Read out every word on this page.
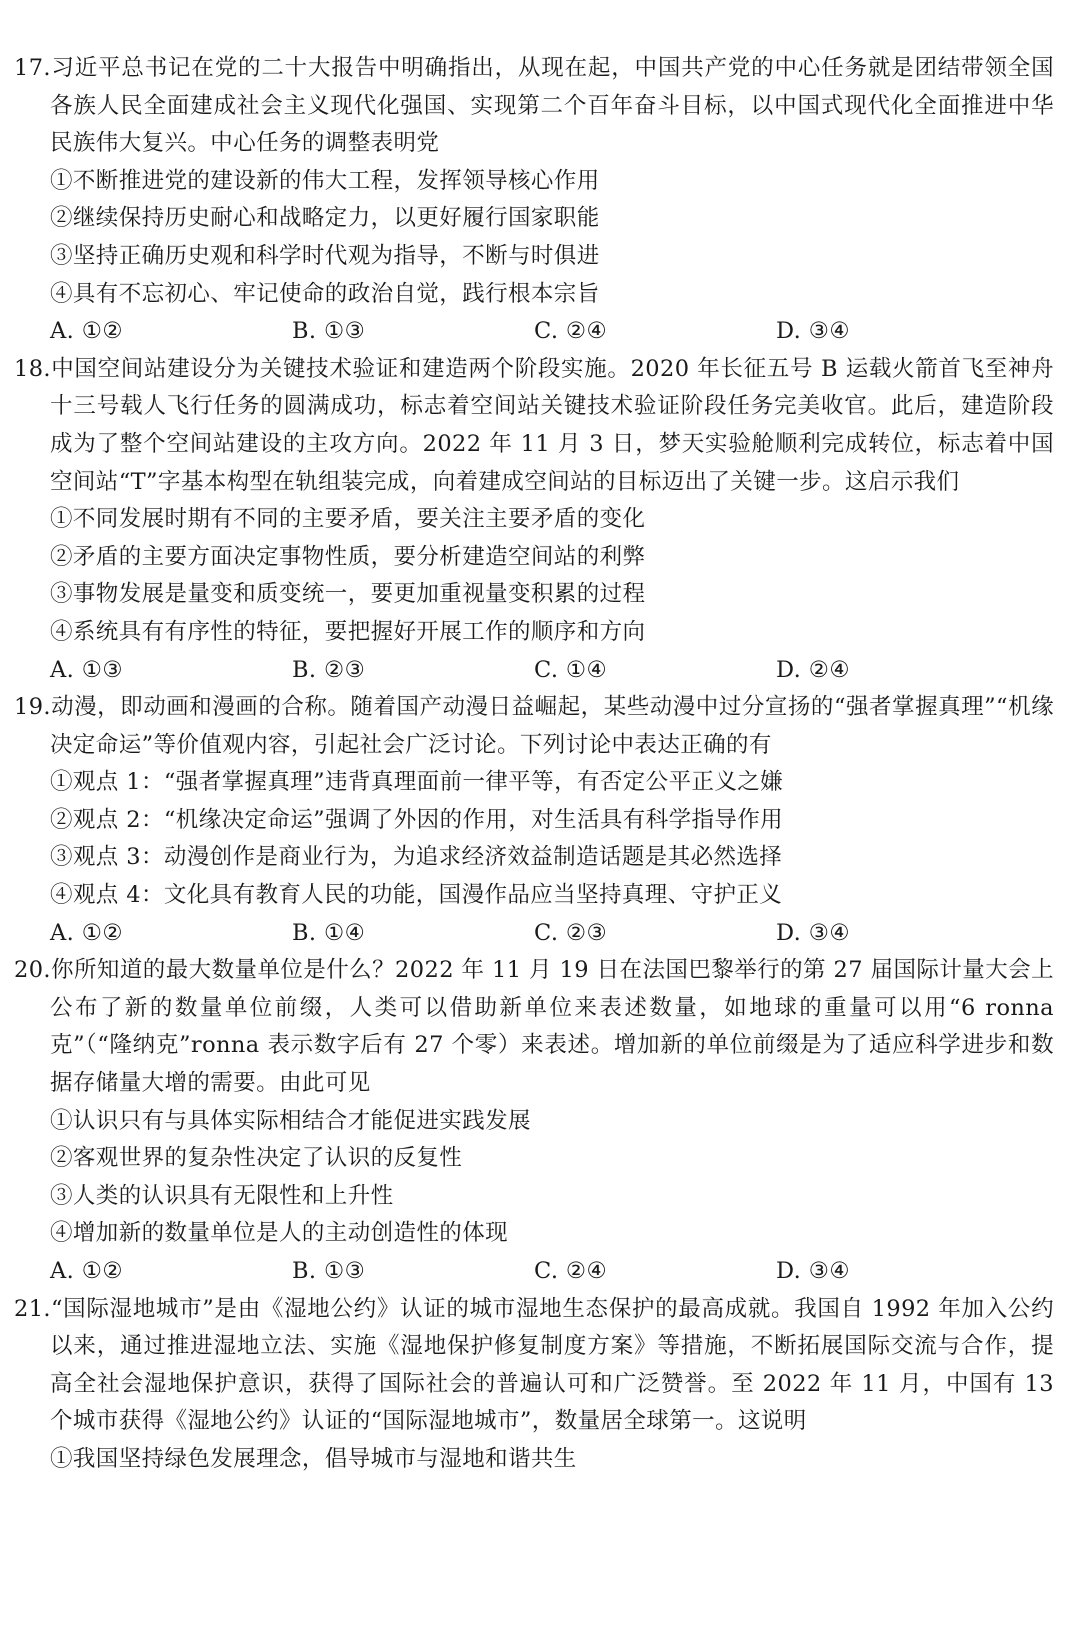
17.习近平总书记在党的二十大报告中明确指出，从现在起，中国共产党的中心任务就是团结带领全国各族人民全面建成社会主义现代化强国、实现第二个百年奋斗目标，以中国式现代化全面推进中华民族伟大复兴。中心任务的调整表明党

①不断推进党的建设新的伟大工程，发挥领导核心作用

②继续保持历史耐心和战略定力，以更好履行国家职能

③坚持正确历史观和科学时代观为指导，不断与时俱进

④具有不忘初心、牢记使命的政治自觉，践行根本宗旨

A. ①②	B. ①③	C. ②④	D. ③④

18.中国空间站建设分为关键技术验证和建造两个阶段实施。2020 年长征五号 B 运载火箭首飞至神舟十三号载人飞行任务的圆满成功，标志着空间站关键技术验证阶段任务完美收官。此后，建造阶段成为了整个空间站建设的主攻方向。2022 年 11 月 3 日，梦天实验舱顺利完成转位，标志着中国空间站“T”字基本构型在轨组装完成，向着建成空间站的目标迈出了关键一步。这启示我们

①不同发展时期有不同的主要矛盾，要关注主要矛盾的变化

②矛盾的主要方面决定事物性质，要分析建造空间站的利弊

③事物发展是量变和质变统一，要更加重视量变积累的过程

④系统具有有序性的特征，要把握好开展工作的顺序和方向

A. ①③	B. ②③	C. ①④	D. ②④

19.动漫，即动画和漫画的合称。随着国产动漫日益崛起，某些动漫中过分宣扬的“强者掌握真理”“机缘决定命运”等价值观内容，引起社会广泛讨论。下列讨论中表达正确的有

①观点 1：“强者掌握真理”违背真理面前一律平等，有否定公平正义之嫌

②观点 2：“机缘决定命运”强调了外因的作用，对生活具有科学指导作用

③观点 3：动漫创作是商业行为，为追求经济效益制造话题是其必然选择

④观点 4：文化具有教育人民的功能，国漫作品应当坚持真理、守护正义

A. ①②	B. ①④	C. ②③	D. ③④

20.你所知道的最大数量单位是什么？2022 年 11 月 19 日在法国巴黎举行的第 27 届国际计量大会上公布了新的数量单位前缀，人类可以借助新单位来表述数量，如地球的重量可以用“6 ronna 克”（“隆纳克”ronna 表示数字后有 27 个零）来表述。增加新的单位前缀是为了适应科学进步和数据存储量大增的需要。由此可见

①认识只有与具体实际相结合才能促进实践发展

②客观世界的复杂性决定了认识的反复性

③人类的认识具有无限性和上升性

④增加新的数量单位是人的主动创造性的体现

A. ①②	B. ①③	C. ②④	D. ③④

21.“国际湿地城市”是由《湿地公约》认证的城市湿地生态保护的最高成就。我国自 1992 年加入公约以来，通过推进湿地立法、实施《湿地保护修复制度方案》等措施，不断拓展国际交流与合作，提高全社会湿地保护意识，获得了国际社会的普遍认可和广泛赞誉。至 2022 年 11 月，中国有 13 个城市获得《湿地公约》认证的“国际湿地城市”，数量居全球第一。这说明

①我国坚持绿色发展理念，倡导城市与湿地和谐共生
